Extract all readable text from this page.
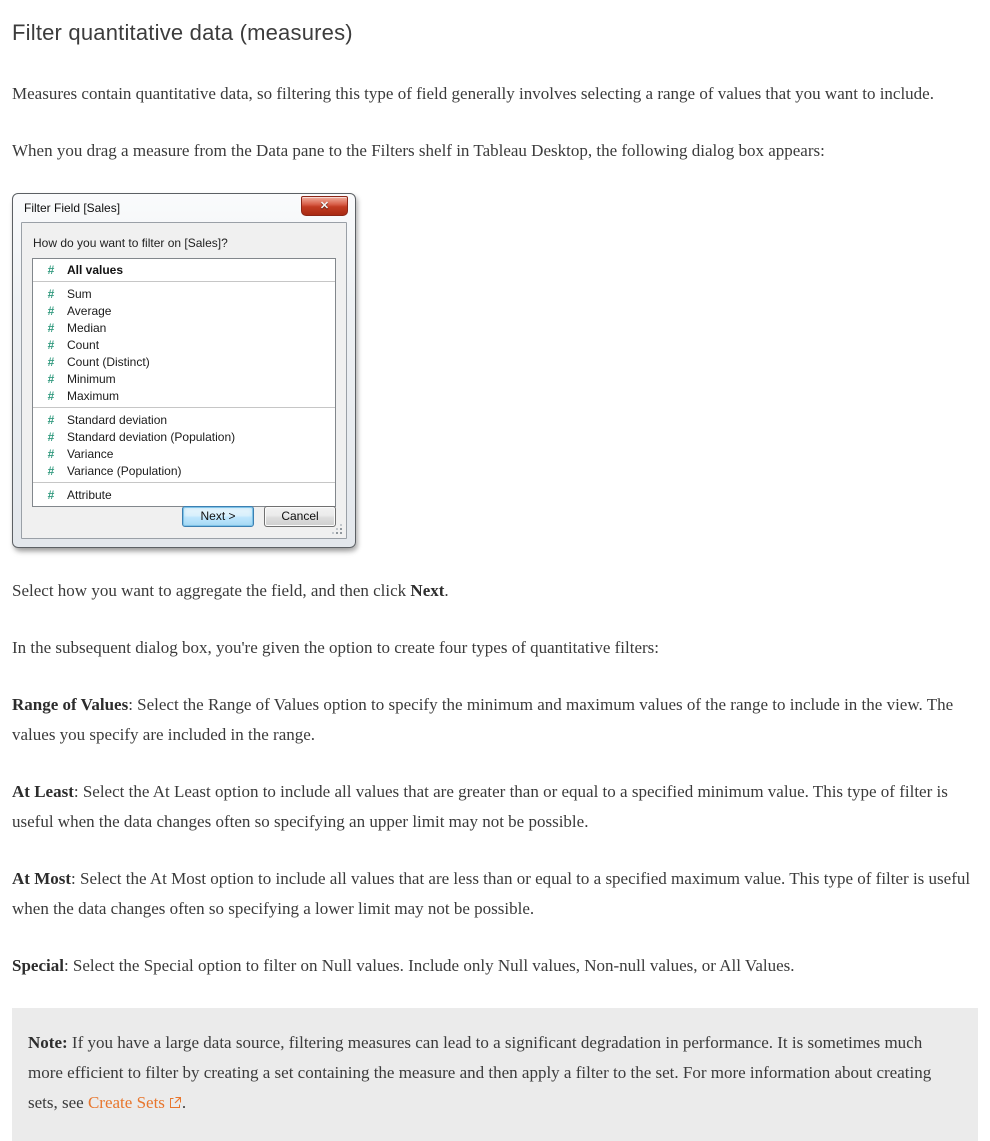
Filter quantitative data (measures)

Measures contain quantitative data, so filtering this type of field generally involves selecting a range of values that you want to include.

When you drag a measure from the Data pane to the Filters shelf in Tableau Desktop, the following dialog box appears:

Filter Field [Sales]	✕
How do you want to filter on [Sales]?
#	All values
#	Sum
#	Average
#	Median
#	Count
#	Count (Distinct)
#	Minimum
#	Maximum
#	Standard deviation
#	Standard deviation (Population)
#	Variance
#	Variance (Population)
#	Attribute
Next >	Cancel

Select how you want to aggregate the field, and then click Next.

In the subsequent dialog box, you're given the option to create four types of quantitative filters:

Range of Values: Select the Range of Values option to specify the minimum and maximum values of the range to include in the view. The values you specify are included in the range.

At Least: Select the At Least option to include all values that are greater than or equal to a specified minimum value. This type of filter is useful when the data changes often so specifying an upper limit may not be possible.

At Most: Select the At Most option to include all values that are less than or equal to a specified maximum value. This type of filter is useful when the data changes often so specifying a lower limit may not be possible.

Special: Select the Special option to filter on Null values. Include only Null values, Non-null values, or All Values.

Note: If you have a large data source, filtering measures can lead to a significant degradation in performance. It is sometimes much more efficient to filter by creating a set containing the measure and then apply a filter to the set. For more information about creating sets, see Create Sets .
